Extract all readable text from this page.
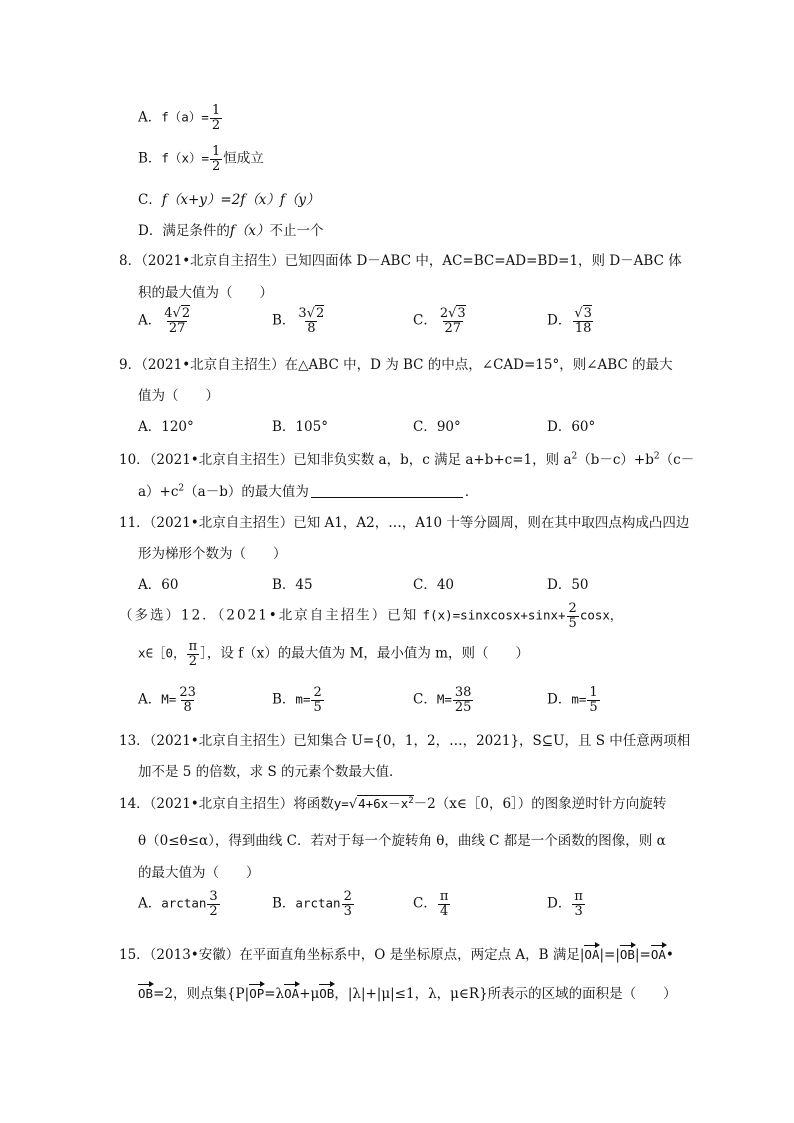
A．$f(a)= \frac{1}{2}$
B．$f(x)= \frac{1}{2}$ 恒成立
C．f（x+y）=2f（x）f（y）
D．满足条件的f（x）不止一个
8．（2021•北京自主招生）已知四面体 D－ABC 中，AC=BC=AD=BD=1，则 D－ABC 体
积的最大值为（　　）
A． $\frac{4√2}{27}$	B． $\frac{3√2}{8}$	C． $\frac{2√3}{27}$	D． $\frac{√3}{18}$
9．（2021•北京自主招生）在△ABC 中，D 为 BC 的中点，∠CAD=15°，则∠ABC 的最大
值为（　　）
A．120°	B．105°	C．90°	D．60°
10．（2021•北京自主招生）已知非负实数 a，b，c 满足 a+b+c=1，则 $a^2(b-c)+b^2(c-$
$a)+c^2(a-b)$的最大值为	．
11．（2021•北京自主招生）已知 A1，A2，…，A10 十等分圆周，则在其中取四点构成凸四边
形为梯形个数为（　　）
A．60	B．45	C．40	D．50
（多选）12．（2021•北京自主招生）已知 f(x)=sinxcosx+sinx+ $\frac{2}{5}$ cosx，
x∈［0， $\frac{\pi}{2}$ ］，设 f（x）的最大值为 M，最小值为 m，则（　　）
A．$M= \frac{23}{8}$	B．$m= \frac{2}{5}$	C．$M= \frac{38}{25}$	D．$m= \frac{1}{5}$
13．（2021•北京自主招生）已知集合 U={0，1，2，…，2021}，S⊆U，且 S 中任意两项相
加不是 5 的倍数，求 S 的元素个数最大值．
14．（2021•北京自主招生）将函数$y=√4+6x-x^2-2(x\in[0$，6］）的图象逆时针方向旋转
θ（0≤θ≤α），得到曲线 C．若对于每一个旋转角 θ，曲线 C 都是一个函数的图像，则 α
的最大值为（　　）
A．$\arctan \frac{3}{2}$	B．$\arctan \frac{2}{3}$	C． $\frac{\pi}{4}$	D． $\frac{\pi}{3}$
15．（2013•安徽）在平面直角坐标系中，O 是坐标原点，两定点 A，B 满足|OA|=|OB|=OA•
OB=2，则点集{P|OP=λOA+μOB，|λ|+|μ|≤1，λ，μ∈R}所表示的区域的面积是（　　）
